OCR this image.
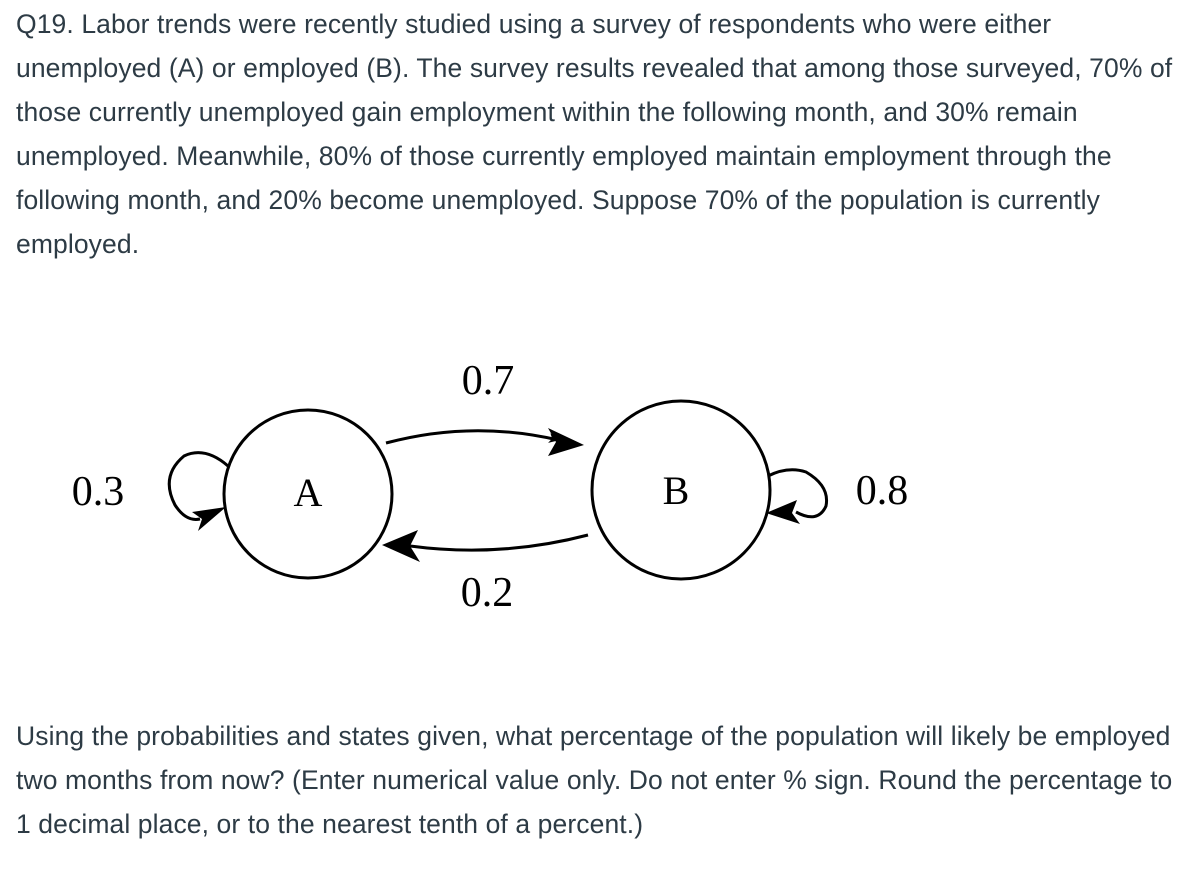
Q19. Labor trends were recently studied using a survey of respondents who were either unemployed (A) or employed (B). The survey results revealed that among those surveyed, 70% of those currently unemployed gain employment within the following month, and 30% remain unemployed. Meanwhile, 80% of those currently employed maintain employment through the following month, and 20% become unemployed. Suppose 70% of the population is currently employed.

A	B
0.7
0.2
0.3	0.8

Using the probabilities and states given, what percentage of the population will likely be employed two months from now? (Enter numerical value only. Do not enter % sign. Round the percentage to 1 decimal place, or to the nearest tenth of a percent.)
